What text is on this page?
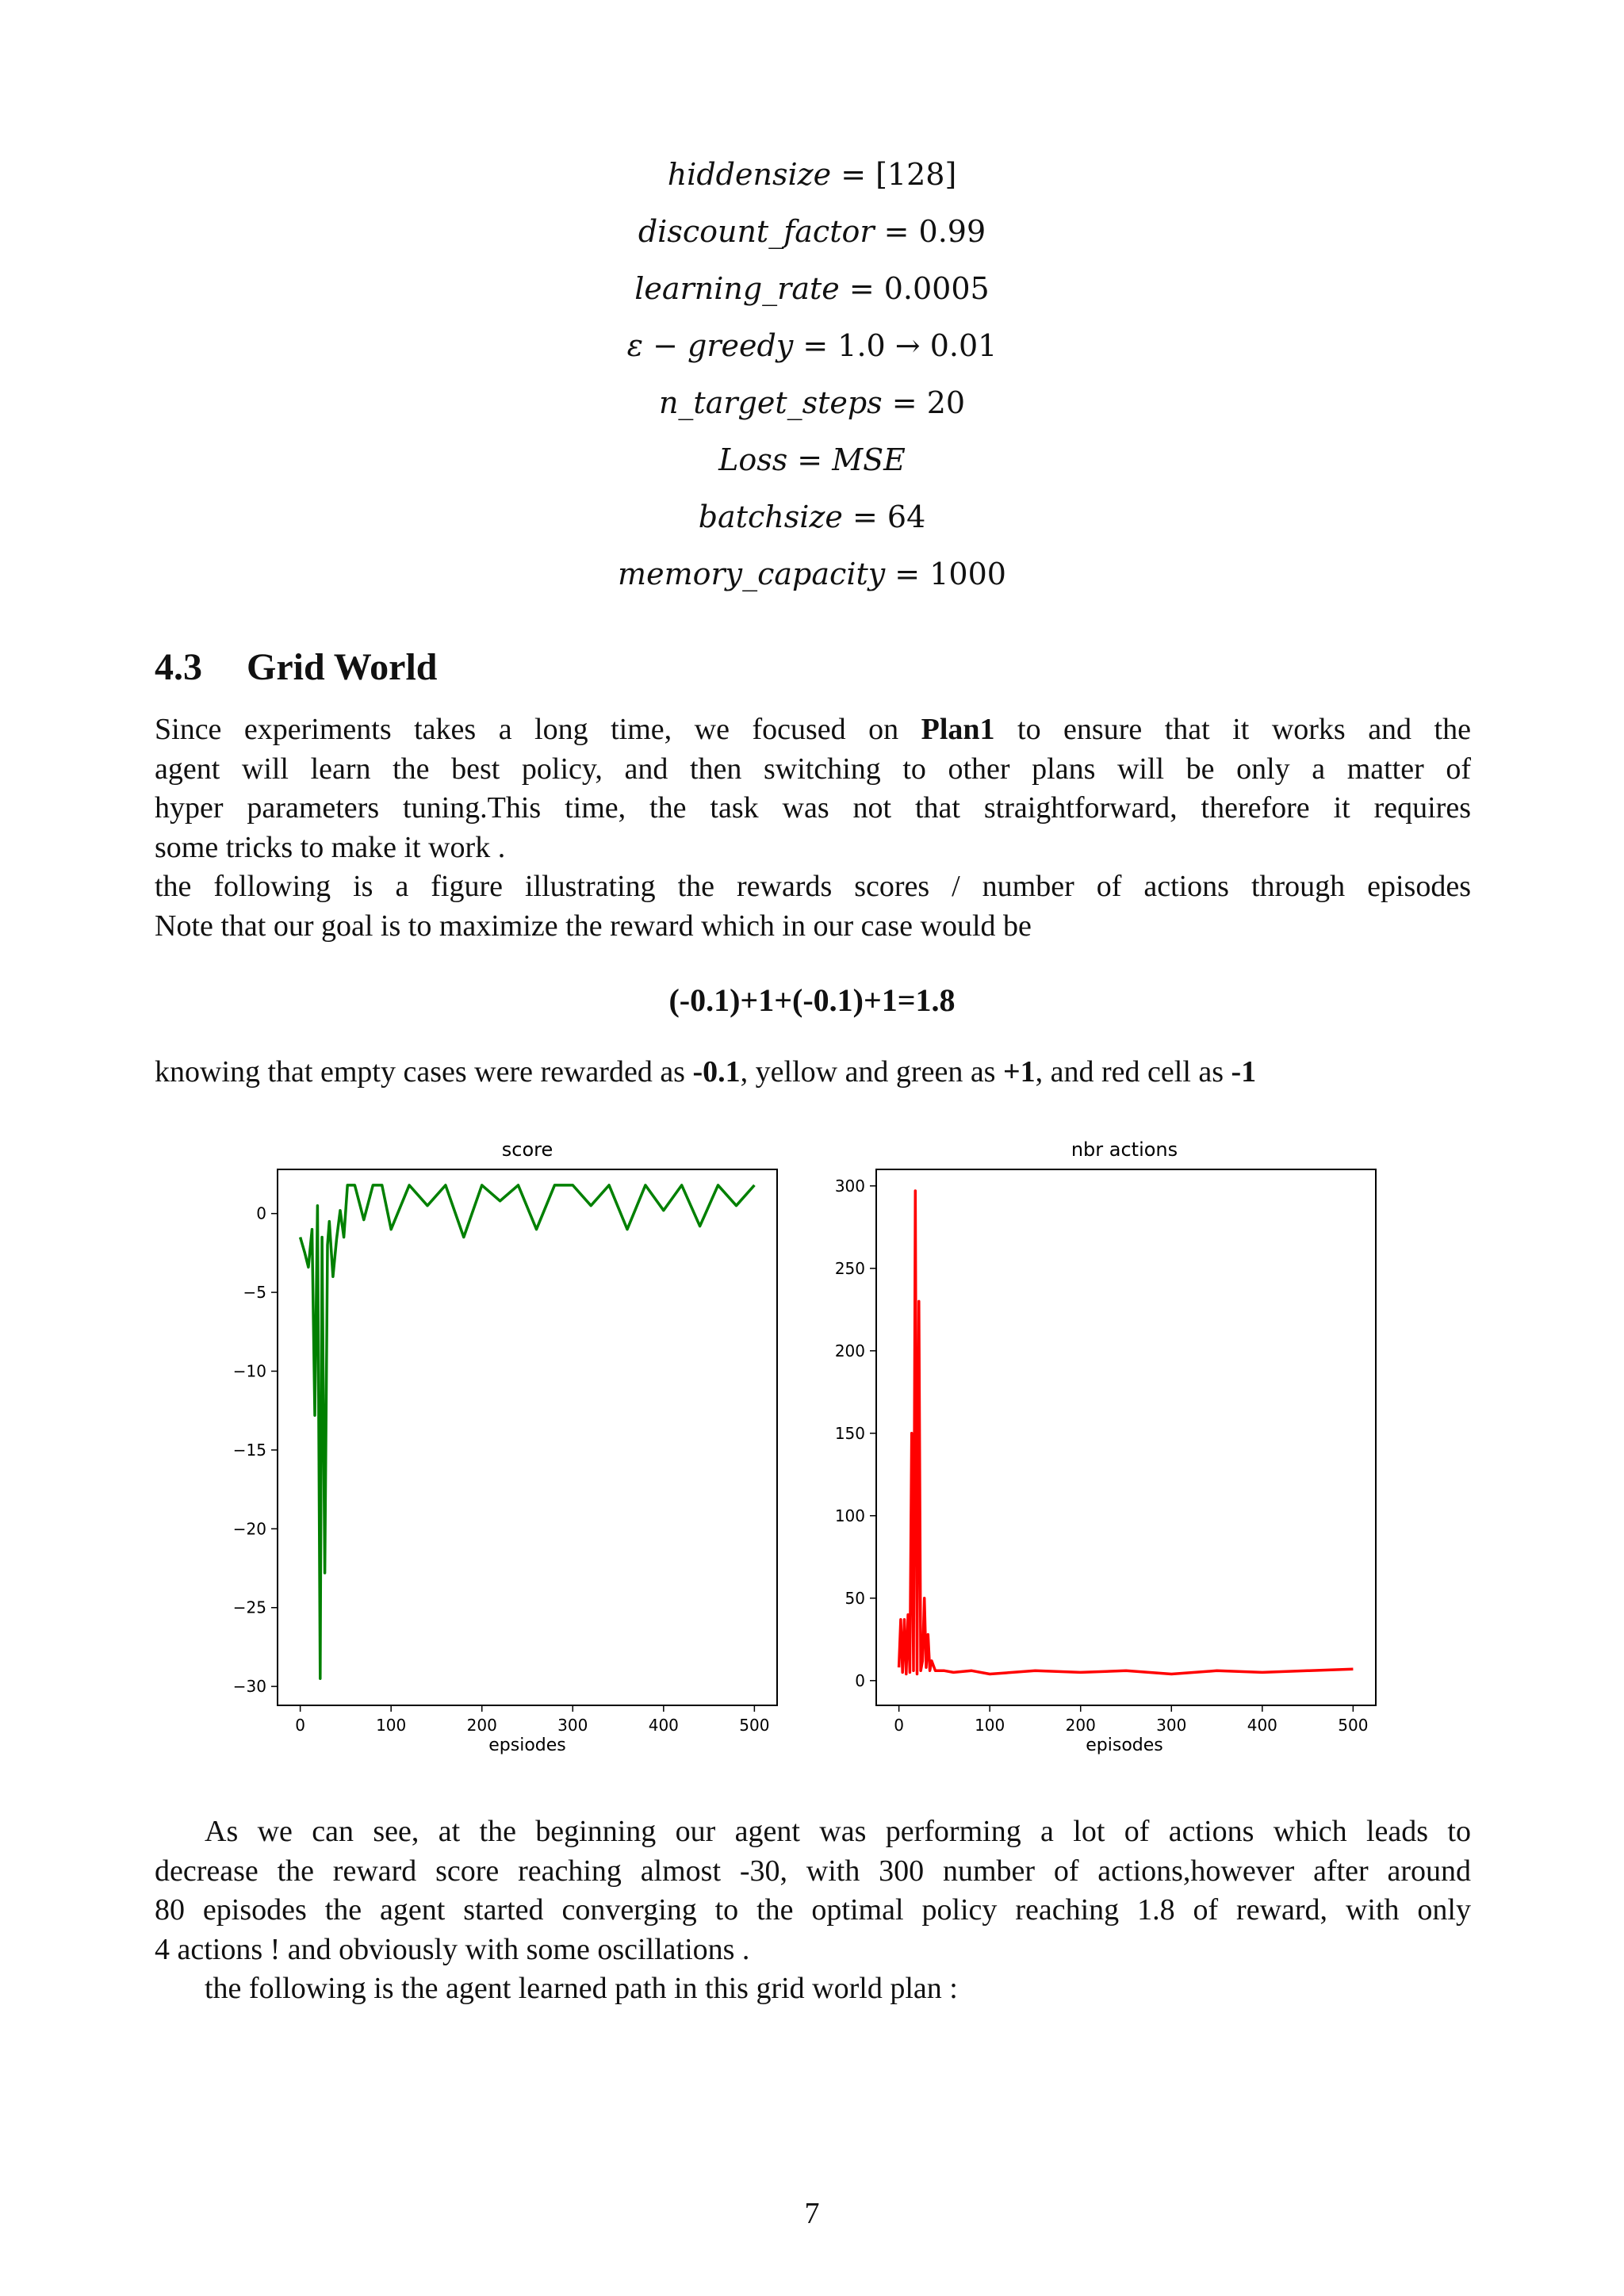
hiddensize = [128]
discount_factor = 0.99
learning_rate = 0.0005
ε − greedy = 1.0 → 0.01
n_target_steps = 20
Loss = MSE
batchsize = 64
memory_capacity = 1000
4.3 Grid World
Since experiments takes a long time, we focused on Plan1 to ensure that it works and the
agent will learn the best policy, and then switching to other plans will be only a matter of
hyper parameters tuning.This time, the task was not that straightforward, therefore it requires
some tricks to make it work .
the following is a figure illustrating the rewards scores / number of actions through episodes
Note that our goal is to maximize the reward which in our case would be
(-0.1)+1+(-0.1)+1=1.8
knowing that empty cases were rewarded as -0.1, yellow and green as +1, and red cell as -1
score
0	100	200	300	400	500
0
−5
−10
−15
−20
−25
−30
epsiodes
nbr actions
0	100	200	300	400	500
0
50
100
150
200
250
300
episodes
As we can see, at the beginning our agent was performing a lot of actions which leads to
decrease the reward score reaching almost -30, with 300 number of actions,however after around
80 episodes the agent started converging to the optimal policy reaching 1.8 of reward, with only
4 actions ! and obviously with some oscillations .
the following is the agent learned path in this grid world plan :
7
